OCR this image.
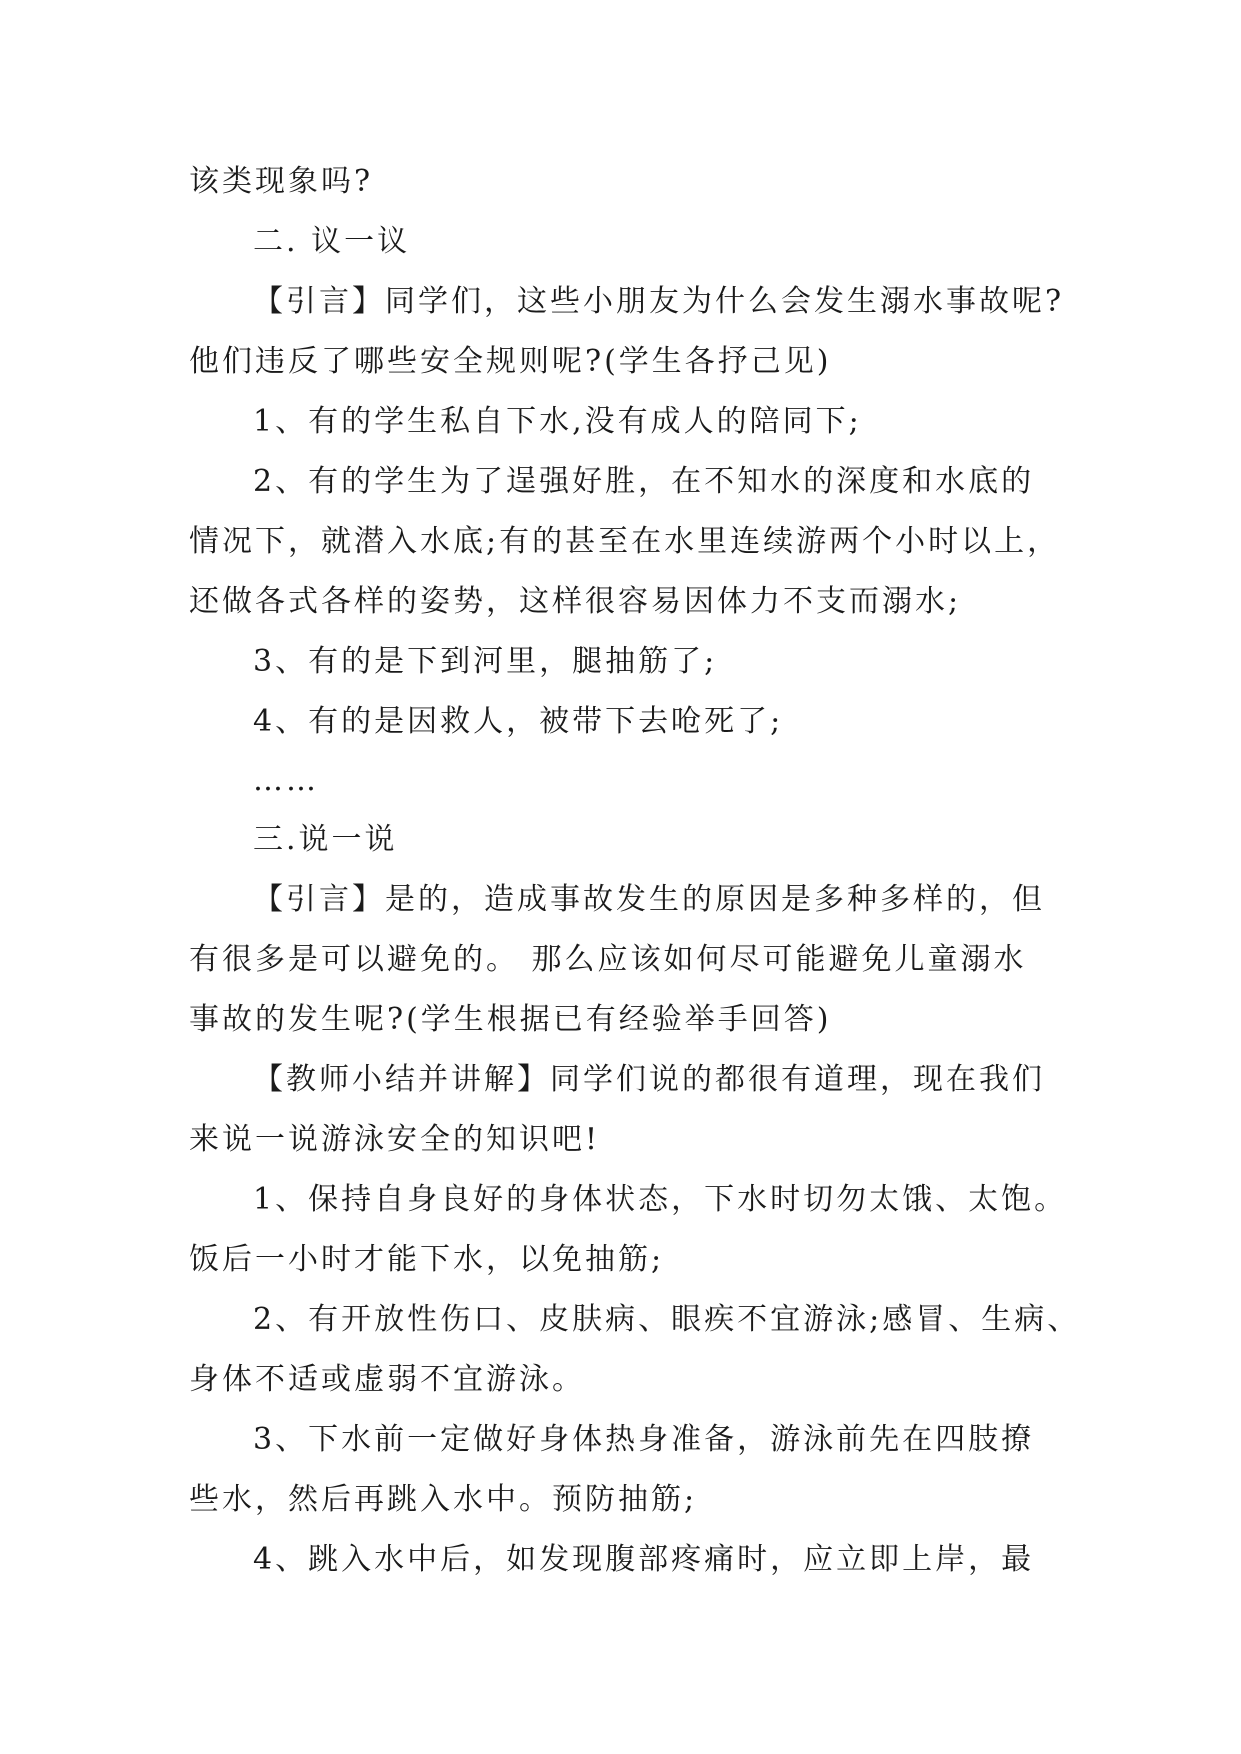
该类现象吗?
二. 议一议
【引言】同学们，这些小朋友为什么会发生溺水事故呢?
他们违反了哪些安全规则呢?(学生各抒己见)
1、有的学生私自下水,没有成人的陪同下;
2、有的学生为了逞强好胜，在不知水的深度和水底的
情况下，就潜入水底;有的甚至在水里连续游两个小时以上，
还做各式各样的姿势，这样很容易因体力不支而溺水;
3、有的是下到河里，腿抽筋了;
4、有的是因救人，被带下去呛死了;
……
三.说一说
【引言】是的，造成事故发生的原因是多种多样的，但
有很多是可以避免的。 那么应该如何尽可能避免儿童溺水
事故的发生呢?(学生根据已有经验举手回答)
【教师小结并讲解】同学们说的都很有道理，现在我们
来说一说游泳安全的知识吧!
1、保持自身良好的身体状态，下水时切勿太饿、太饱。
饭后一小时才能下水，以免抽筋;
2、有开放性伤口、皮肤病、眼疾不宜游泳;感冒、生病、
身体不适或虚弱不宜游泳。
3、下水前一定做好身体热身准备，游泳前先在四肢撩
些水，然后再跳入水中。预防抽筋;
4、跳入水中后，如发现腹部疼痛时，应立即上岸，最
